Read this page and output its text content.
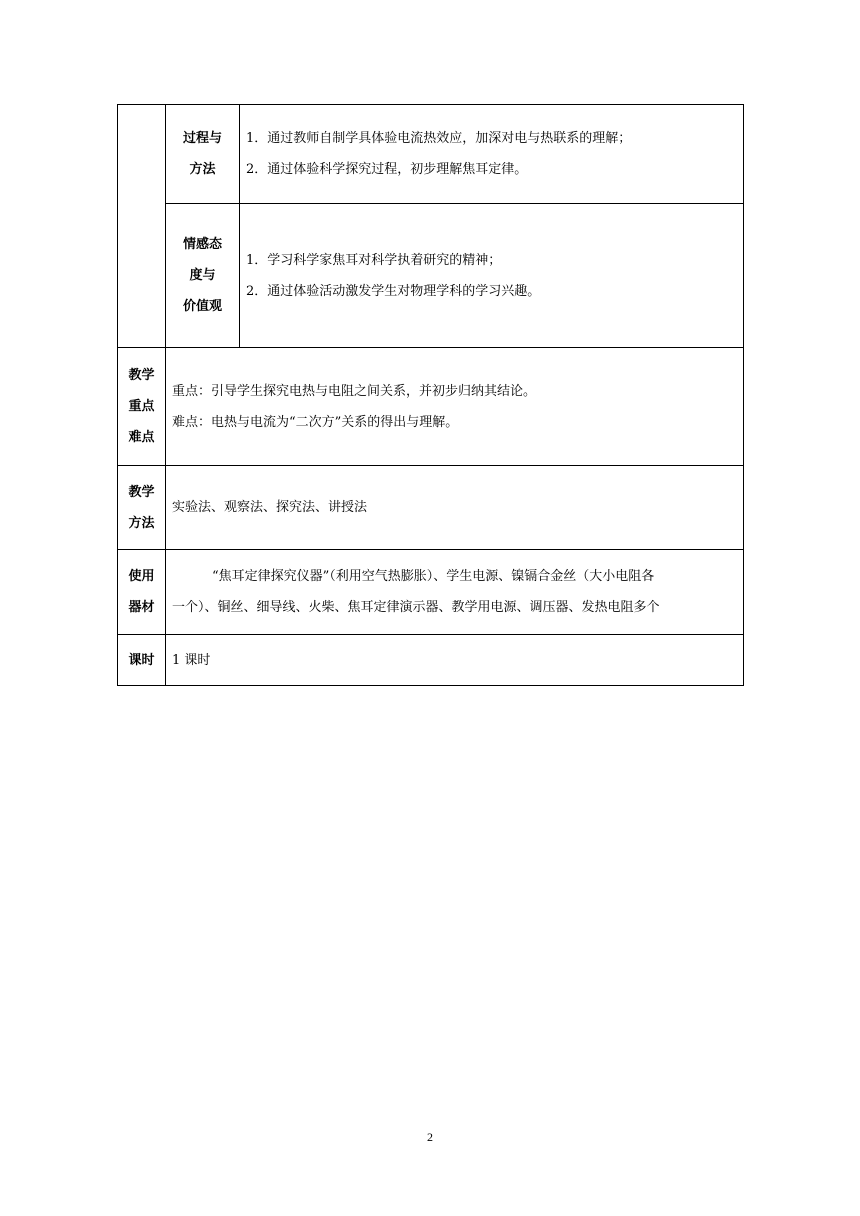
	过程与
方法	1．通过教师自制学具体验电流热效应，加深对电与热联系的理解；
2．通过体验科学探究过程，初步理解焦耳定律。

	情感态
度与
价值观	1．学习科学家焦耳对科学执着研究的精神；
2．通过体验活动激发学生对物理学科的学习兴趣。

教学
重点
难点	重点：引导学生探究电热与电阻之间关系，并初步归纳其结论。
难点：电热与电流为“二次方”关系的得出与理解。	

教学
方法	实验法、观察法、探究法、讲授法	

使用
器材	“焦耳定律探究仪器”（利用空气热膨胀）、学生电源、镍镉合金丝（大小电阻各
一个）、铜丝、细导线、火柴、焦耳定律演示器、教学用电源、调压器、发热电阻多个	

课时	1 课时	
2
